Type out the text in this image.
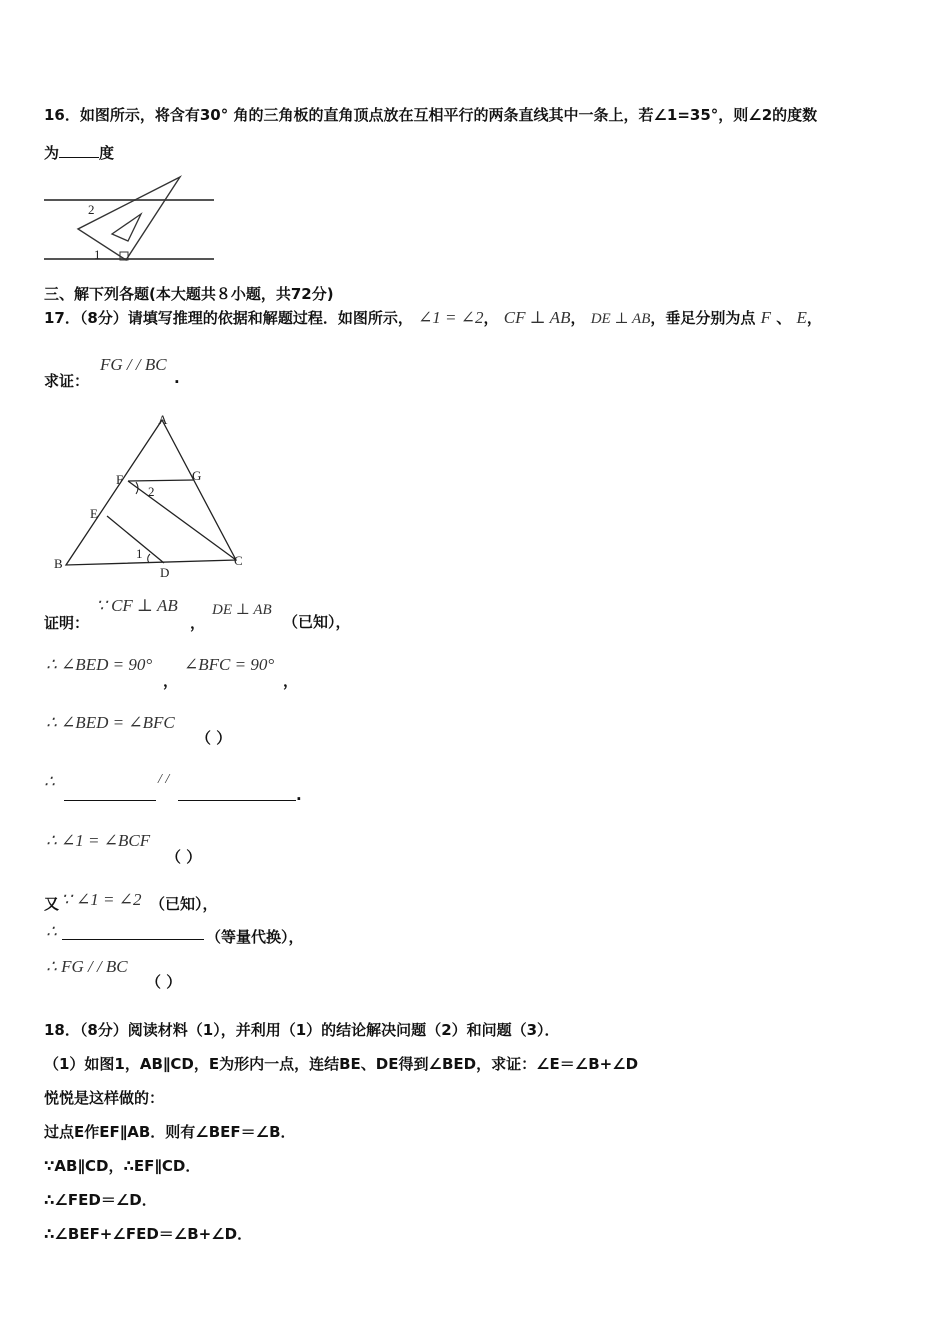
16．如图所示，将含有30° 角的三角板的直角顶点放在互相平行的两条直线其中一条上，若∠1=35°，则∠2的度数
为	度
2
1
三、解下列各题(本大题共８小题，共72分)
17．（8分）请填写推理的依据和解题过程．如图所示， ∠1 = ∠2， CF ⊥ AB， DE ⊥ AB，垂足分别为点 F 、 E，
求证：
FG / / BC
.
A
G
F
2
E
B
1
D
C
证明：
∵ CF ⊥ AB
，
DE ⊥ AB
（已知），
∴ ∠BED = 90°
，
∠BFC = 90°
，
∴ ∠BED = ∠BFC
（ ）
∴	/ /
.
∴ ∠1 = ∠BCF
（ ）
又 ∵ ∠1 = ∠2 （已知），
∴	（等量代换），
∴ FG / / BC
（ ）
18．（8分）阅读材料（1），并利用（1）的结论解决问题（2）和问题（3）．
（1）如图1，AB∥CD，E为形内一点，连结BE、DE得到∠BED，求证：∠E＝∠B+∠D
悦悦是这样做的：
过点E作EF∥AB．则有∠BEF＝∠B．
∵AB∥CD，∴EF∥CD．
∴∠FED＝∠D．
∴∠BEF+∠FED＝∠B+∠D．
